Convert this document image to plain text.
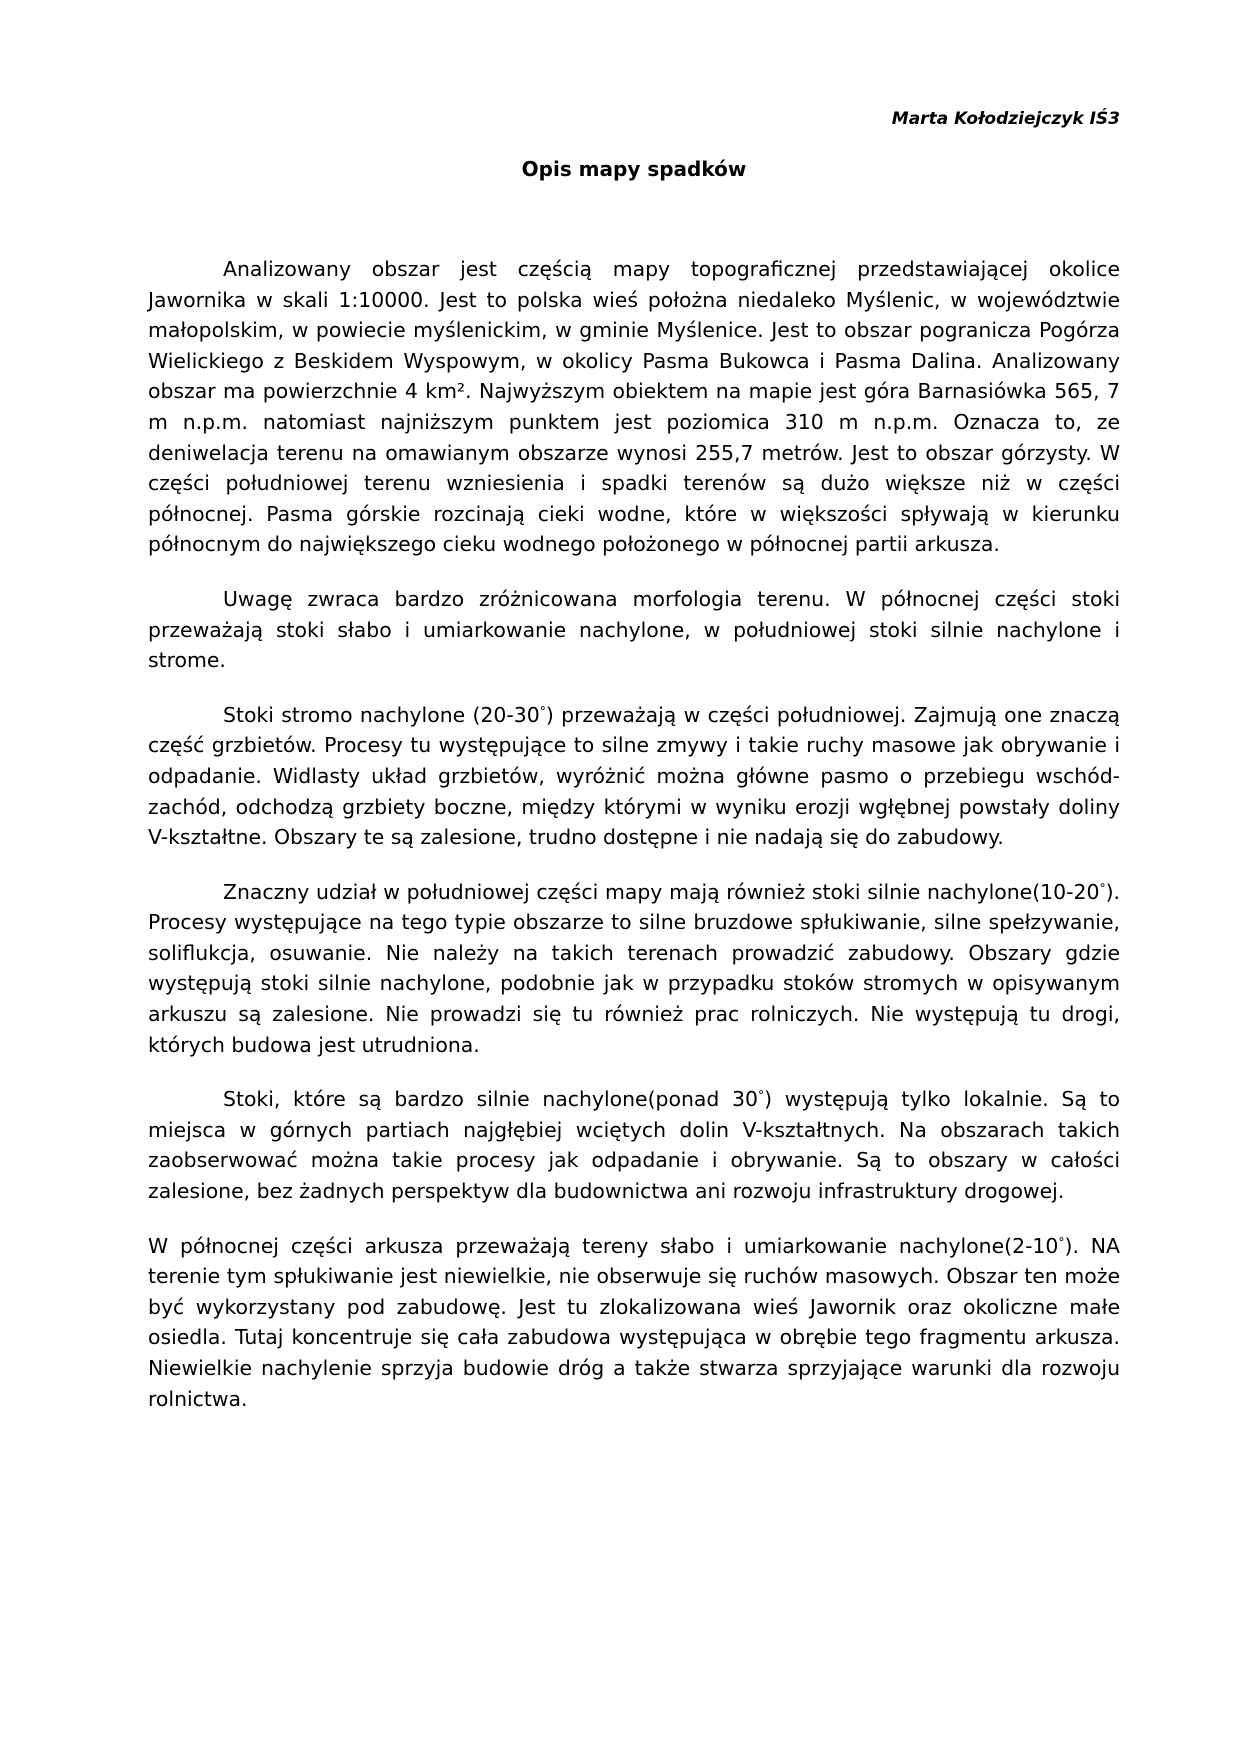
Marta Kołodziejczyk IŚ3

Opis mapy spadków

Analizowany obszar jest częścią mapy topograficznej przedstawiającej okolice Jawornika w skali 1:10000. Jest to polska wieś położna niedaleko Myślenic, w województwie małopolskim, w powiecie myślenickim, w gminie Myślenice. Jest to obszar pogranicza Pogórza Wielickiego z Beskidem Wyspowym, w okolicy Pasma Bukowca i Pasma Dalina. Analizowany obszar ma powierzchnie 4 km². Najwyższym obiektem na mapie jest góra Barnasiówka 565, 7 m n.p.m. natomiast najniższym punktem jest poziomica 310 m n.p.m. Oznacza to, ze deniwelacja terenu na omawianym obszarze wynosi 255,7 metrów. Jest to obszar górzysty. W części południowej terenu wzniesienia i spadki terenów są dużo większe niż w części północnej. Pasma górskie rozcinają cieki wodne, które w większości spływają w kierunku północnym do największego cieku wodnego położonego w północnej partii arkusza.

Uwagę zwraca bardzo zróżnicowana morfologia terenu. W północnej części stoki przeważają stoki słabo i umiarkowanie nachylone, w południowej stoki silnie nachylone i strome.

Stoki stromo nachylone (20-30°) przeważają w części południowej. Zajmują one znaczą część grzbietów. Procesy tu występujące to silne zmywy i takie ruchy masowe jak obrywanie i odpadanie. Widlasty układ grzbietów, wyróżnić można główne pasmo o przebiegu wschód-zachód, odchodzą grzbiety boczne, między którymi w wyniku erozji wgłębnej powstały doliny V-kształtne. Obszary te są zalesione, trudno dostępne i nie nadają się do zabudowy.

Znaczny udział w południowej części mapy mają również stoki silnie nachylone(10-20°). Procesy występujące na tego typie obszarze to silne bruzdowe spłukiwanie, silne spełzywanie, soliflukcja, osuwanie. Nie należy na takich terenach prowadzić zabudowy. Obszary gdzie występują stoki silnie nachylone, podobnie jak w przypadku stoków stromych w opisywanym arkuszu są zalesione. Nie prowadzi się tu również prac rolniczych. Nie występują tu drogi, których budowa jest utrudniona.

Stoki, które są bardzo silnie nachylone(ponad 30°) występują tylko lokalnie. Są to miejsca w górnych partiach najgłębiej wciętych dolin V-kształtnych. Na obszarach takich zaobserwować można takie procesy jak odpadanie i obrywanie. Są to obszary w całości zalesione, bez żadnych perspektyw dla budownictwa ani rozwoju infrastruktury drogowej.

W północnej części arkusza przeważają tereny słabo i umiarkowanie nachylone(2-10°). NA terenie tym spłukiwanie jest niewielkie, nie obserwuje się ruchów masowych. Obszar ten może być wykorzystany pod zabudowę. Jest tu zlokalizowana wieś Jawornik oraz okoliczne małe osiedla. Tutaj koncentruje się cała zabudowa występująca w obrębie tego fragmentu arkusza. Niewielkie nachylenie sprzyja budowie dróg a także stwarza sprzyjające warunki dla rozwoju rolnictwa.
